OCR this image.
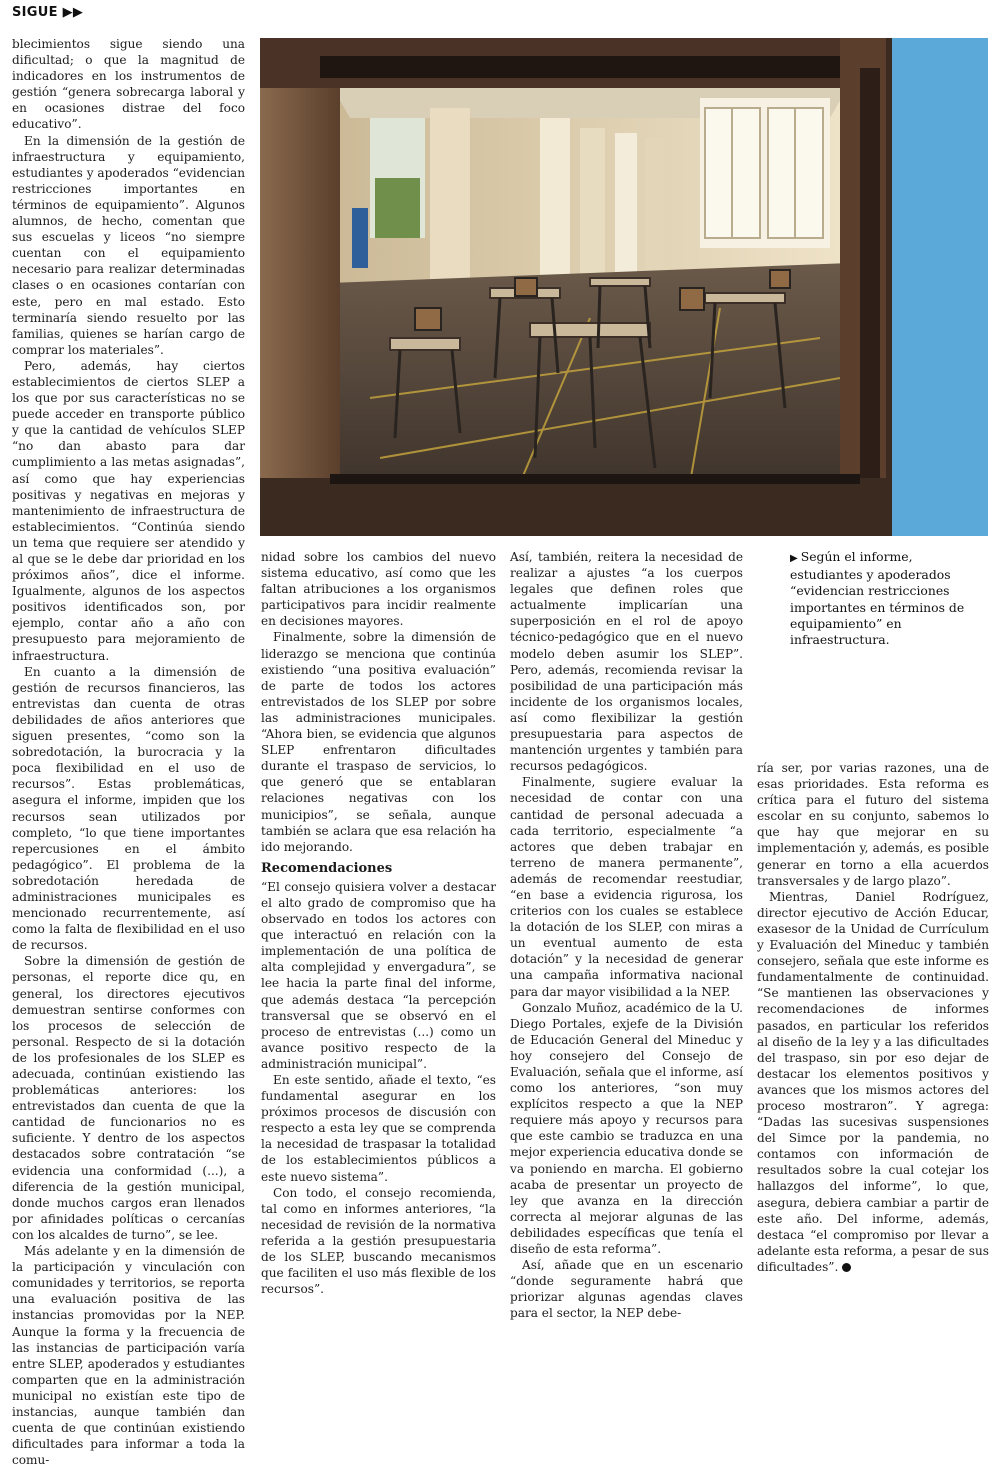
SIGUE ▶▶
▶ Según el informe, estudiantes y apoderados “evidencian restricciones importantes en términos de equipamiento” en infraestructura.

blecimientos sigue siendo una dificultad; o que la magnitud de indicadores en los instrumentos de gestión “genera sobrecarga laboral y en ocasiones distrae del foco educativo”.

En la dimensión de la gestión de infraestructura y equipamiento, estudiantes y apoderados “evidencian restricciones importantes en términos de equipamiento”. Algunos alumnos, de hecho, comentan que sus escuelas y liceos “no siempre cuentan con el equipamiento necesario para realizar determinadas clases o en ocasiones contarían con este, pero en mal estado. Esto terminaría siendo resuelto por las familias, quienes se harían cargo de comprar los materiales”.

Pero, además, hay ciertos establecimientos de ciertos SLEP a los que por sus características no se puede acceder en transporte público y que la cantidad de vehículos SLEP “no dan abasto para dar cumplimiento a las metas asignadas”, así como que hay experiencias positivas y negativas en mejoras y mantenimiento de infraestructura de establecimientos. “Continúa siendo un tema que requiere ser atendido y al que se le debe dar prioridad en los próximos años”, dice el informe. Igualmente, algunos de los aspectos positivos identificados son, por ejemplo, contar año a año con presupuesto para mejoramiento de infraestructura.

En cuanto a la dimensión de gestión de recursos financieros, las entrevistas dan cuenta de otras debilidades de años anteriores que siguen presentes, “como son la sobredotación, la burocracia y la poca flexibilidad en el uso de recursos”. Estas problemáticas, asegura el informe, impiden que los recursos sean utilizados por completo, “lo que tiene importantes repercusiones en el ámbito pedagógico”. El problema de la sobredotación heredada de administraciones municipales es mencionado recurrentemente, así como la falta de flexibilidad en el uso de recursos.

Sobre la dimensión de gestión de personas, el reporte dice qu, en general, los directores ejecutivos demuestran sentirse conformes con los procesos de selección de personal. Respecto de si la dotación de los profesionales de los SLEP es adecuada, continúan existiendo las problemáticas anteriores: los entrevistados dan cuenta de que la cantidad de funcionarios no es suficiente. Y dentro de los aspectos destacados sobre contratación “se evidencia una conformidad (...), a diferencia de la gestión municipal, donde muchos cargos eran llenados por afinidades políticas o cercanías con los alcaldes de turno”, se lee.

Más adelante y en la dimensión de la participación y vinculación con comunidades y territorios, se reporta una evaluación positiva de las instancias promovidas por la NEP. Aunque la forma y la frecuencia de las instancias de participación varía entre SLEP, apoderados y estudiantes comparten que en la administración municipal no existían este tipo de instancias, aunque también dan cuenta de que continúan existiendo dificultades para informar a toda la comu-

nidad sobre los cambios del nuevo sistema educativo, así como que les faltan atribuciones a los organismos participativos para incidir realmente en decisiones mayores.

Finalmente, sobre la dimensión de liderazgo se menciona que continúa existiendo “una positiva evaluación” de parte de todos los actores entrevistados de los SLEP por sobre las administraciones municipales. “Ahora bien, se evidencia que algunos SLEP enfrentaron dificultades durante el traspaso de servicios, lo que generó que se entablaran relaciones negativas con los municipios”, se señala, aunque también se aclara que esa relación ha ido mejorando.

Recomendaciones

“El consejo quisiera volver a destacar el alto grado de compromiso que ha observado en todos los actores con que interactuó en relación con la implementación de una política de alta complejidad y envergadura”, se lee hacia la parte final del informe, que además destaca “la percepción transversal que se observó en el proceso de entrevistas (...) como un avance positivo respecto de la administración municipal”.

En este sentido, añade el texto, “es fundamental asegurar en los próximos procesos de discusión con respecto a esta ley que se comprenda la necesidad de traspasar la totalidad de los establecimientos públicos a este nuevo sistema”.

Con todo, el consejo recomienda, tal como en informes anteriores, “la necesidad de revisión de la normativa referida a la gestión presupuestaria de los SLEP, buscando mecanismos que faciliten el uso más flexible de los recursos”.

Así, también, reitera la necesidad de realizar a ajustes “a los cuerpos legales que definen roles que actualmente implicarían una superposición en el rol de apoyo técnico-pedagógico que en el nuevo modelo deben asumir los SLEP”. Pero, además, recomienda revisar la posibilidad de una participación más incidente de los organismos locales, así como flexibilizar la gestión presupuestaria para aspectos de mantención urgentes y también para recursos pedagógicos.

Finalmente, sugiere evaluar la necesidad de contar con una cantidad de personal adecuada a cada territorio, especialmente “a actores que deben trabajar en terreno de manera permanente”, además de recomendar reestudiar, “en base a evidencia rigurosa, los criterios con los cuales se establece la dotación de los SLEP, con miras a un eventual aumento de esta dotación” y la necesidad de generar una campaña informativa nacional para dar mayor visibilidad a la NEP.

Gonzalo Muñoz, académico de la U. Diego Portales, exjefe de la División de Educación General del Mineduc y hoy consejero del Consejo de Evaluación, señala que el informe, así como los anteriores, “son muy explícitos respecto a que la NEP requiere más apoyo y recursos para que este cambio se traduzca en una mejor experiencia educativa donde se va poniendo en marcha. El gobierno acaba de presentar un proyecto de ley que avanza en la dirección correcta al mejorar algunas de las debilidades específicas que tenía el diseño de esta reforma”.

Así, añade que en un escenario “donde seguramente habrá que priorizar algunas agendas claves para el sector, la NEP debe-

ría ser, por varias razones, una de esas prioridades. Esta reforma es crítica para el futuro del sistema escolar en su conjunto, sabemos lo que hay que mejorar en su implementación y, además, es posible generar en torno a ella acuerdos transversales y de largo plazo”.

Mientras, Daniel Rodríguez, director ejecutivo de Acción Educar, exasesor de la Unidad de Currículum y Evaluación del Mineduc y también consejero, señala que este informe es fundamentalmente de continuidad. “Se mantienen las observaciones y recomendaciones de informes pasados, en particular los referidos al diseño de la ley y a las dificultades del traspaso, sin por eso dejar de destacar los elementos positivos y avances que los mismos actores del proceso mostraron”. Y agrega: “Dadas las sucesivas suspensiones del Simce por la pandemia, no contamos con información de resultados sobre la cual cotejar los hallazgos del informe”, lo que, asegura, debiera cambiar a partir de este año. Del informe, además, destaca “el compromiso por llevar a adelante esta reforma, a pesar de sus dificultades”.
